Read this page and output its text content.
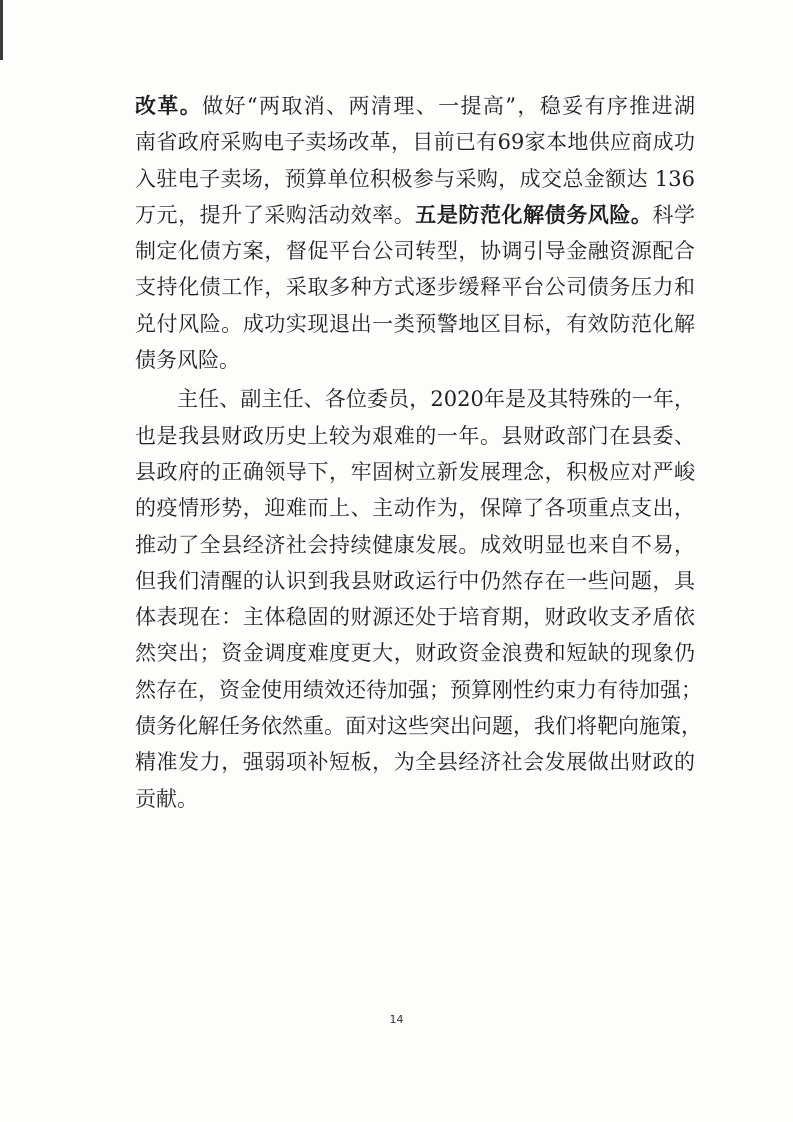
改革。做好“两取消、两清理、一提高”，稳妥有序推进湖
南省政府采购电子卖场改革，目前已有69家本地供应商成功
入驻电子卖场，预算单位积极参与采购，成交总金额达 136
万元，提升了采购活动效率。五是防范化解债务风险。科学
制定化债方案，督促平台公司转型，协调引导金融资源配合
支持化债工作，采取多种方式逐步缓释平台公司债务压力和
兑付风险。成功实现退出一类预警地区目标，有效防范化解
债务风险。
主任、副主任、各位委员，2020年是及其特殊的一年，
也是我县财政历史上较为艰难的一年。县财政部门在县委、
县政府的正确领导下，牢固树立新发展理念，积极应对严峻
的疫情形势，迎难而上、主动作为，保障了各项重点支出，
推动了全县经济社会持续健康发展。成效明显也来自不易，
但我们清醒的认识到我县财政运行中仍然存在一些问题，具
体表现在：主体稳固的财源还处于培育期，财政收支矛盾依
然突出；资金调度难度更大，财政资金浪费和短缺的现象仍
然存在，资金使用绩效还待加强；预算刚性约束力有待加强；
债务化解任务依然重。面对这些突出问题，我们将靶向施策，
精准发力，强弱项补短板，为全县经济社会发展做出财政的
贡献。
14
